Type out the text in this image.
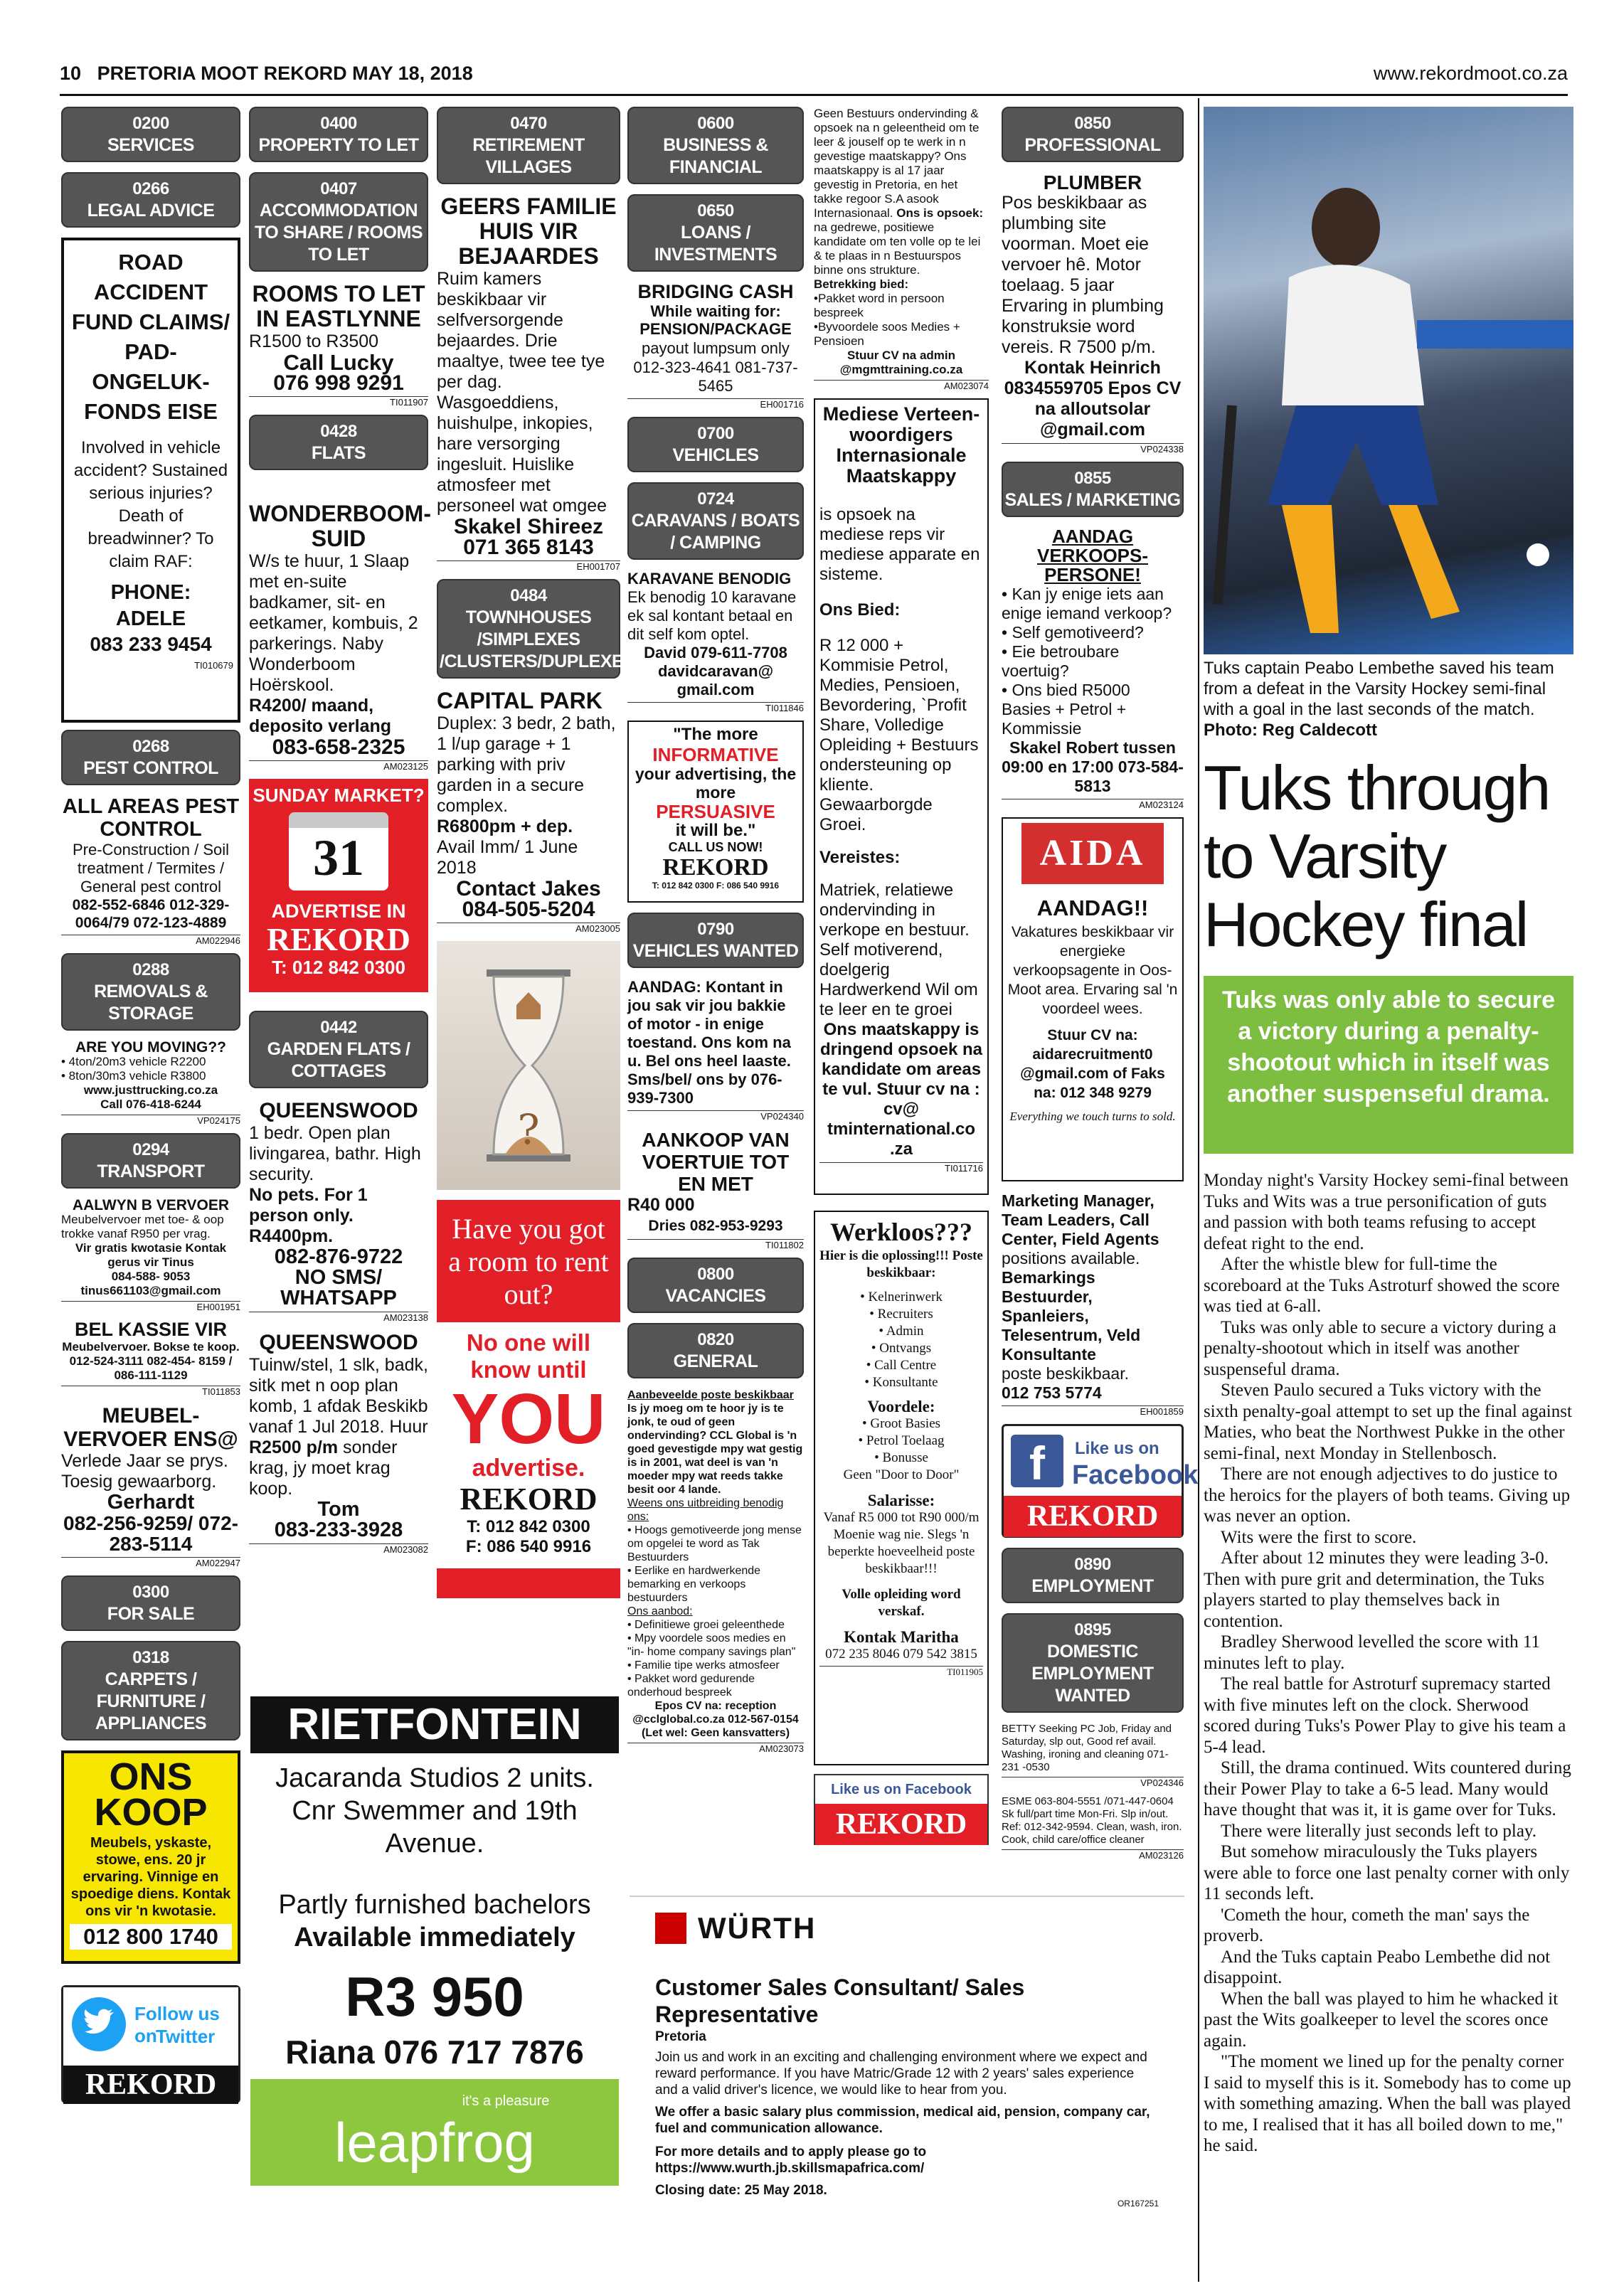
10 PRETORIA MOOT REKORD MAY 18, 2018	www.rekordmoot.co.za
0200
SERVICES
0266
LEGAL ADVICE
ROAD ACCIDENT FUND CLAIMS/ PAD-ONGELUK-FONDS EISE
Involved in vehicle accident? Sustained serious injuries? Death of breadwinner? To claim RAF:
PHONE:
ADELE
083 233 9454
TI010679
0268
PEST CONTROL
ALL AREAS PEST CONTROL
Pre-Construction / Soil treatment / Termites / General pest control
082-552-6846 012-329-0064/79 072-123-4889
AM022946
0288
REMOVALS & STORAGE
ARE YOU MOVING??
• 4ton/20m3 vehicle R2200
• 8ton/30m3 vehicle R3800
www.justtrucking.co.za
Call 076-418-6244
VP024175
0294
TRANSPORT
AALWYN B VERVOER
Meubelvervoer met toe- & oop trokke vanaf R950 per vrag.
Vir gratis kwotasie Kontak gerus vir Tinus
084-588- 9053 tinus661103@gmail.com
EH001951
BEL KASSIE VIR
Meubelvervoer. Bokse te koop. 012-524-3111 082-454- 8159 / 086-111-1129
TI011853
MEUBEL-VERVOER ENS@
Verlede Jaar se prys. Toesig gewaarborg.
Gerhardt
082-256-9259/ 072-283-5114
AM022947
0300
FOR SALE
0318
CARPETS / FURNITURE / APPLIANCES
ONS KOOP
Meubels, yskaste, stowe, ens. 20 jr ervaring. Vinnige en spoedige diens. Kontak ons vir 'n kwotasie.
012 800 1740
Follow us on
Twitter
REKORD
0400
PROPERTY TO LET
0407
ACCOMMODATION TO SHARE / ROOMS TO LET
ROOMS TO LET IN EASTLYNNE
R1500 to R3500
Call Lucky
076 998 9291
TI011907
0428
FLATS
WONDERBOOM-SUID
W/s te huur, 1 Slaap met en-suite badkamer, sit- en eetkamer, kombuis, 2 parkerings. Naby Wonderboom Hoërskool.
R4200/ maand, deposito verlang
083-658-2325
AM023125
SUNDAY MARKET?
31
ADVERTISE IN
REKORD
T: 012 842 0300
0442
GARDEN FLATS / COTTAGES
QUEENSWOOD
1 bedr. Open plan livingarea, bathr. High security.
No pets. For 1 person only. R4400pm.
082-876-9722
NO SMS/ WHATSAPP
AM023138
QUEENSWOOD
Tuinw/stel, 1 slk, badk, sitk met n oop plan komb, 1 afdak Beskikb vanaf 1 Jul 2018. Huur R2500 p/m sonder krag, jy moet krag koop.
Tom
083-233-3928
AM023082
0470
RETIREMENT VILLAGES
GEERS FAMILIE HUIS VIR BEJAARDES
Ruim kamers beskikbaar vir selfversorgende bejaardes. Drie maaltye, twee tee tye per dag. Wasgoeddiens, huishulpe, inkopies, hare versorging ingesluit. Huislike atmosfeer met personeel wat omgee
Skakel Shireez
071 365 8143
EH001707
0484
TOWNHOUSES /SIMPLEXES /CLUSTERS/DUPLEXES
CAPITAL PARK
Duplex: 3 bedr, 2 bath, 1 l/up garage + 1 parking with priv garden in a secure complex.
R6800pm + dep.
Avail Imm/ 1 June 2018
Contact Jakes
084-505-5204
AM023005
?
Have you got a room to rent out?
No one will know until
YOU
advertise.
REKORD
T: 012 842 0300
F: 086 540 9916
0600
BUSINESS & FINANCIAL
0650
LOANS / INVESTMENTS
BRIDGING CASH
While waiting for: PENSION/PACKAGE
payout lumpsum only
012-323-4641 081-737-5465
EH001716
0700
VEHICLES
0724
CARAVANS / BOATS / CAMPING
KARAVANE BENODIG
Ek benodig 10 karavane ek sal kontant betaal en dit self kom optel.
David 079-611-7708
davidcaravan@ gmail.com
TI011846
"The more
INFORMATIVE
your advertising, the more
PERSUASIVE
it will be."
CALL US NOW!
REKORD
T: 012 842 0300 F: 086 540 9916
0790
VEHICLES WANTED
AANDAG: Kontant in jou sak vir jou bakkie of motor - in enige toestand. Ons kom na u. Bel ons heel laaste. Sms/bel/ ons by 076-939-7300
VP024340
AANKOOP VAN VOERTUIE TOT EN MET
R40 000
Dries 082-953-9293
TI011802
0800
VACANCIES
0820
GENERAL
Aanbeveelde poste beskikbaar
Is jy moeg om te hoor jy is te jonk, te oud of geen ondervinding? CCL Global is 'n goed gevestigde mpy wat gestig is in 2001, wat deel is van 'n moeder mpy wat reeds takke besit oor 4 lande.
Weens ons uitbreiding benodig ons:
• Hoogs gemotiveerde jong mense om opgelei te word as Tak Bestuurders
• Eerlike en hardwerkende bemarking en verkoops bestuurders
Ons aanbod:
• Definitiewe groei geleenthede
• Mpy voordele soos medies en "in- home company savings plan"
• Familie tipe werks atmosfeer
• Pakket word gedurende onderhoud bespreek
Epos CV na: reception @cclglobal.co.za 012-567-0154 (Let wel: Geen kansvatters)
AM023073
Geen Bestuurs ondervinding & opsoek na n geleentheid om te leer & jouself op te werk in n gevestige maatskappy? Ons maatskappy is al 17 jaar gevestig in Pretoria, en het takke regoor S.A asook Internasionaal. Ons is opsoek: na gedrewe, positiewe kandidate om ten volle op te lei & te plaas in n Bestuurspos binne ons strukture.
Betrekking bied:
•Pakket word in persoon bespreek
•Byvoordele soos Medies + Pensioen
Stuur CV na admin @mgmttraining.co.za
AM023074
Mediese Verteen-woordigers Internasionale Maatskappy
is opsoek na mediese reps vir mediese apparate en sisteme.
Ons Bied:
R 12 000 + Kommisie Petrol, Medies, Pensioen, Bevordering, `Profit Share, Volledige Opleiding + Bestuurs ondersteuning op kliente. Gewaarborgde Groei.
Vereistes:
Matriek, relatiewe ondervinding in verkope en bestuur. Self motiverend, doelgerig Hardwerkend Wil om te leer en te groei
Ons maatskappy is dringend opsoek na kandidate om areas te vul. Stuur cv na : cv@ tminternational.co .za
TI011716
Werkloos???
Hier is die oplossing!!! Poste beskikbaar:
• Kelnerinwerk
• Recruiters
• Admin
• Ontvangs
• Call Centre
• Konsultante
Voordele:
• Groot Basies
• Petrol Toelaag
• Bonusse
Geen "Door to Door"
Salarisse:
Vanaf R5 000 tot R90 000/m Moenie wag nie. Slegs 'n beperkte hoeveelheid poste beskikbaar!!!
Volle opleiding word verskaf.
Kontak Maritha
072 235 8046 079 542 3815
TI011905
Like us on Facebook
REKORD
0850
PROFESSIONAL
PLUMBER
Pos beskikbaar as plumbing site voorman. Moet eie vervoer hê. Motor toelaag. 5 jaar Ervaring in plumbing konstruksie word vereis. R 7500 p/m.
Kontak Heinrich 0834559705 Epos CV na alloutsolar @gmail.com
VP024338
0855
SALES / MARKETING
AANDAG VERKOOPS-PERSONE!
• Kan jy enige iets aan enige iemand verkoop?
• Self gemotiveerd?
• Eie betroubare voertuig?
• Ons bied R5000 Basies + Petrol + Kommissie
Skakel Robert tussen 09:00 en 17:00 073-584-5813
AM023124
AIDA
AANDAG!!
Vakatures beskikbaar vir energieke verkoopsagente in Oos-Moot area. Ervaring sal 'n voordeel wees.
Stuur CV na: aidarecruitment0 @gmail.com of Faks na: 012 348 9279
Everything we touch turns to sold.
Marketing Manager, Team Leaders, Call Center, Field Agents positions available.
Bemarkings Bestuurder, Spanleiers, Telesentrum, Veld Konsultante
poste beskikbaar.
012 753 5774
EH001859
f	Like us on
Facebook
REKORD
0890
EMPLOYMENT
0895
DOMESTIC EMPLOYMENT WANTED
BETTY Seeking PC Job, Friday and Saturday, slp out, Good ref avail. Washing, ironing and cleaning 071-231 -0530
VP024346
ESME 063-804-5551 /071-447-0604 Sk full/part time Mon-Fri. Slp in/out. Ref: 012-342-9594. Clean, wash, iron. Cook, child care/office cleaner
AM023126
RIETFONTEIN
Jacaranda Studios 2 units.
Cnr Swemmer and 19th Avenue.
Partly furnished bachelors
Available immediately
R3 950
Riana 076 717 7876
leapfrog
it's a pleasure
WÜRTH
Customer Sales Consultant/ Sales Representative
Pretoria
Join us and work in an exciting and challenging environment where we expect and reward performance. If you have Matric/Grade 12 with 2 years' sales experience and a valid driver's licence, we would like to hear from you.
We offer a basic salary plus commission, medical aid, pension, company car, fuel and communication allowance.
For more details and to apply please go to https://www.wurth.jb.skillsmapafrica.com/
Closing date: 25 May 2018.
OR167251
Tuks captain Peabo Lembethe saved his team from a defeat in the Varsity Hockey semi-final with a goal in the last seconds of the match. Photo: Reg Caldecott
Tuks through to Varsity Hockey final
Tuks was only able to secure a victory during a penalty-shootout which in itself was another suspenseful drama.

Monday night's Varsity Hockey semi-final between Tuks and Wits was a true personification of guts and passion with both teams refusing to accept defeat right to the end.

After the whistle blew for full-time the scoreboard at the Tuks Astroturf showed the score was tied at 6-all.

Tuks was only able to secure a victory during a penalty-shootout which in itself was another suspenseful drama.

Steven Paulo secured a Tuks victory with the sixth penalty-goal attempt to set up the final against Maties, who beat the Northwest Pukke in the other semi-final, next Monday in Stellenbosch.

There are not enough adjectives to do justice to the heroics for the players of both teams. Giving up was never an option.

Wits were the first to score.

After about 12 minutes they were leading 3-0. Then with pure grit and determination, the Tuks players started to play themselves back in contention.

Bradley Sherwood levelled the score with 11 minutes left to play.

The real battle for Astroturf supremacy started with five minutes left on the clock. Sherwood scored during Tuks's Power Play to give his team a 5-4 lead.

Still, the drama continued. Wits countered during their Power Play to take a 6-5 lead. Many would have thought that was it, it is game over for Tuks.

There were literally just seconds left to play.

But somehow miraculously the Tuks players were able to force one last penalty corner with only 11 seconds left.

'Cometh the hour, cometh the man' says the proverb.

And the Tuks captain Peabo Lembethe did not disappoint.

When the ball was played to him he whacked it past the Wits goalkeeper to level the scores once again.

"The moment we lined up for the penalty corner I said to myself this is it. Somebody has to come up with something amazing. When the ball was played to me, I realised that it has all boiled down to me," he said.
